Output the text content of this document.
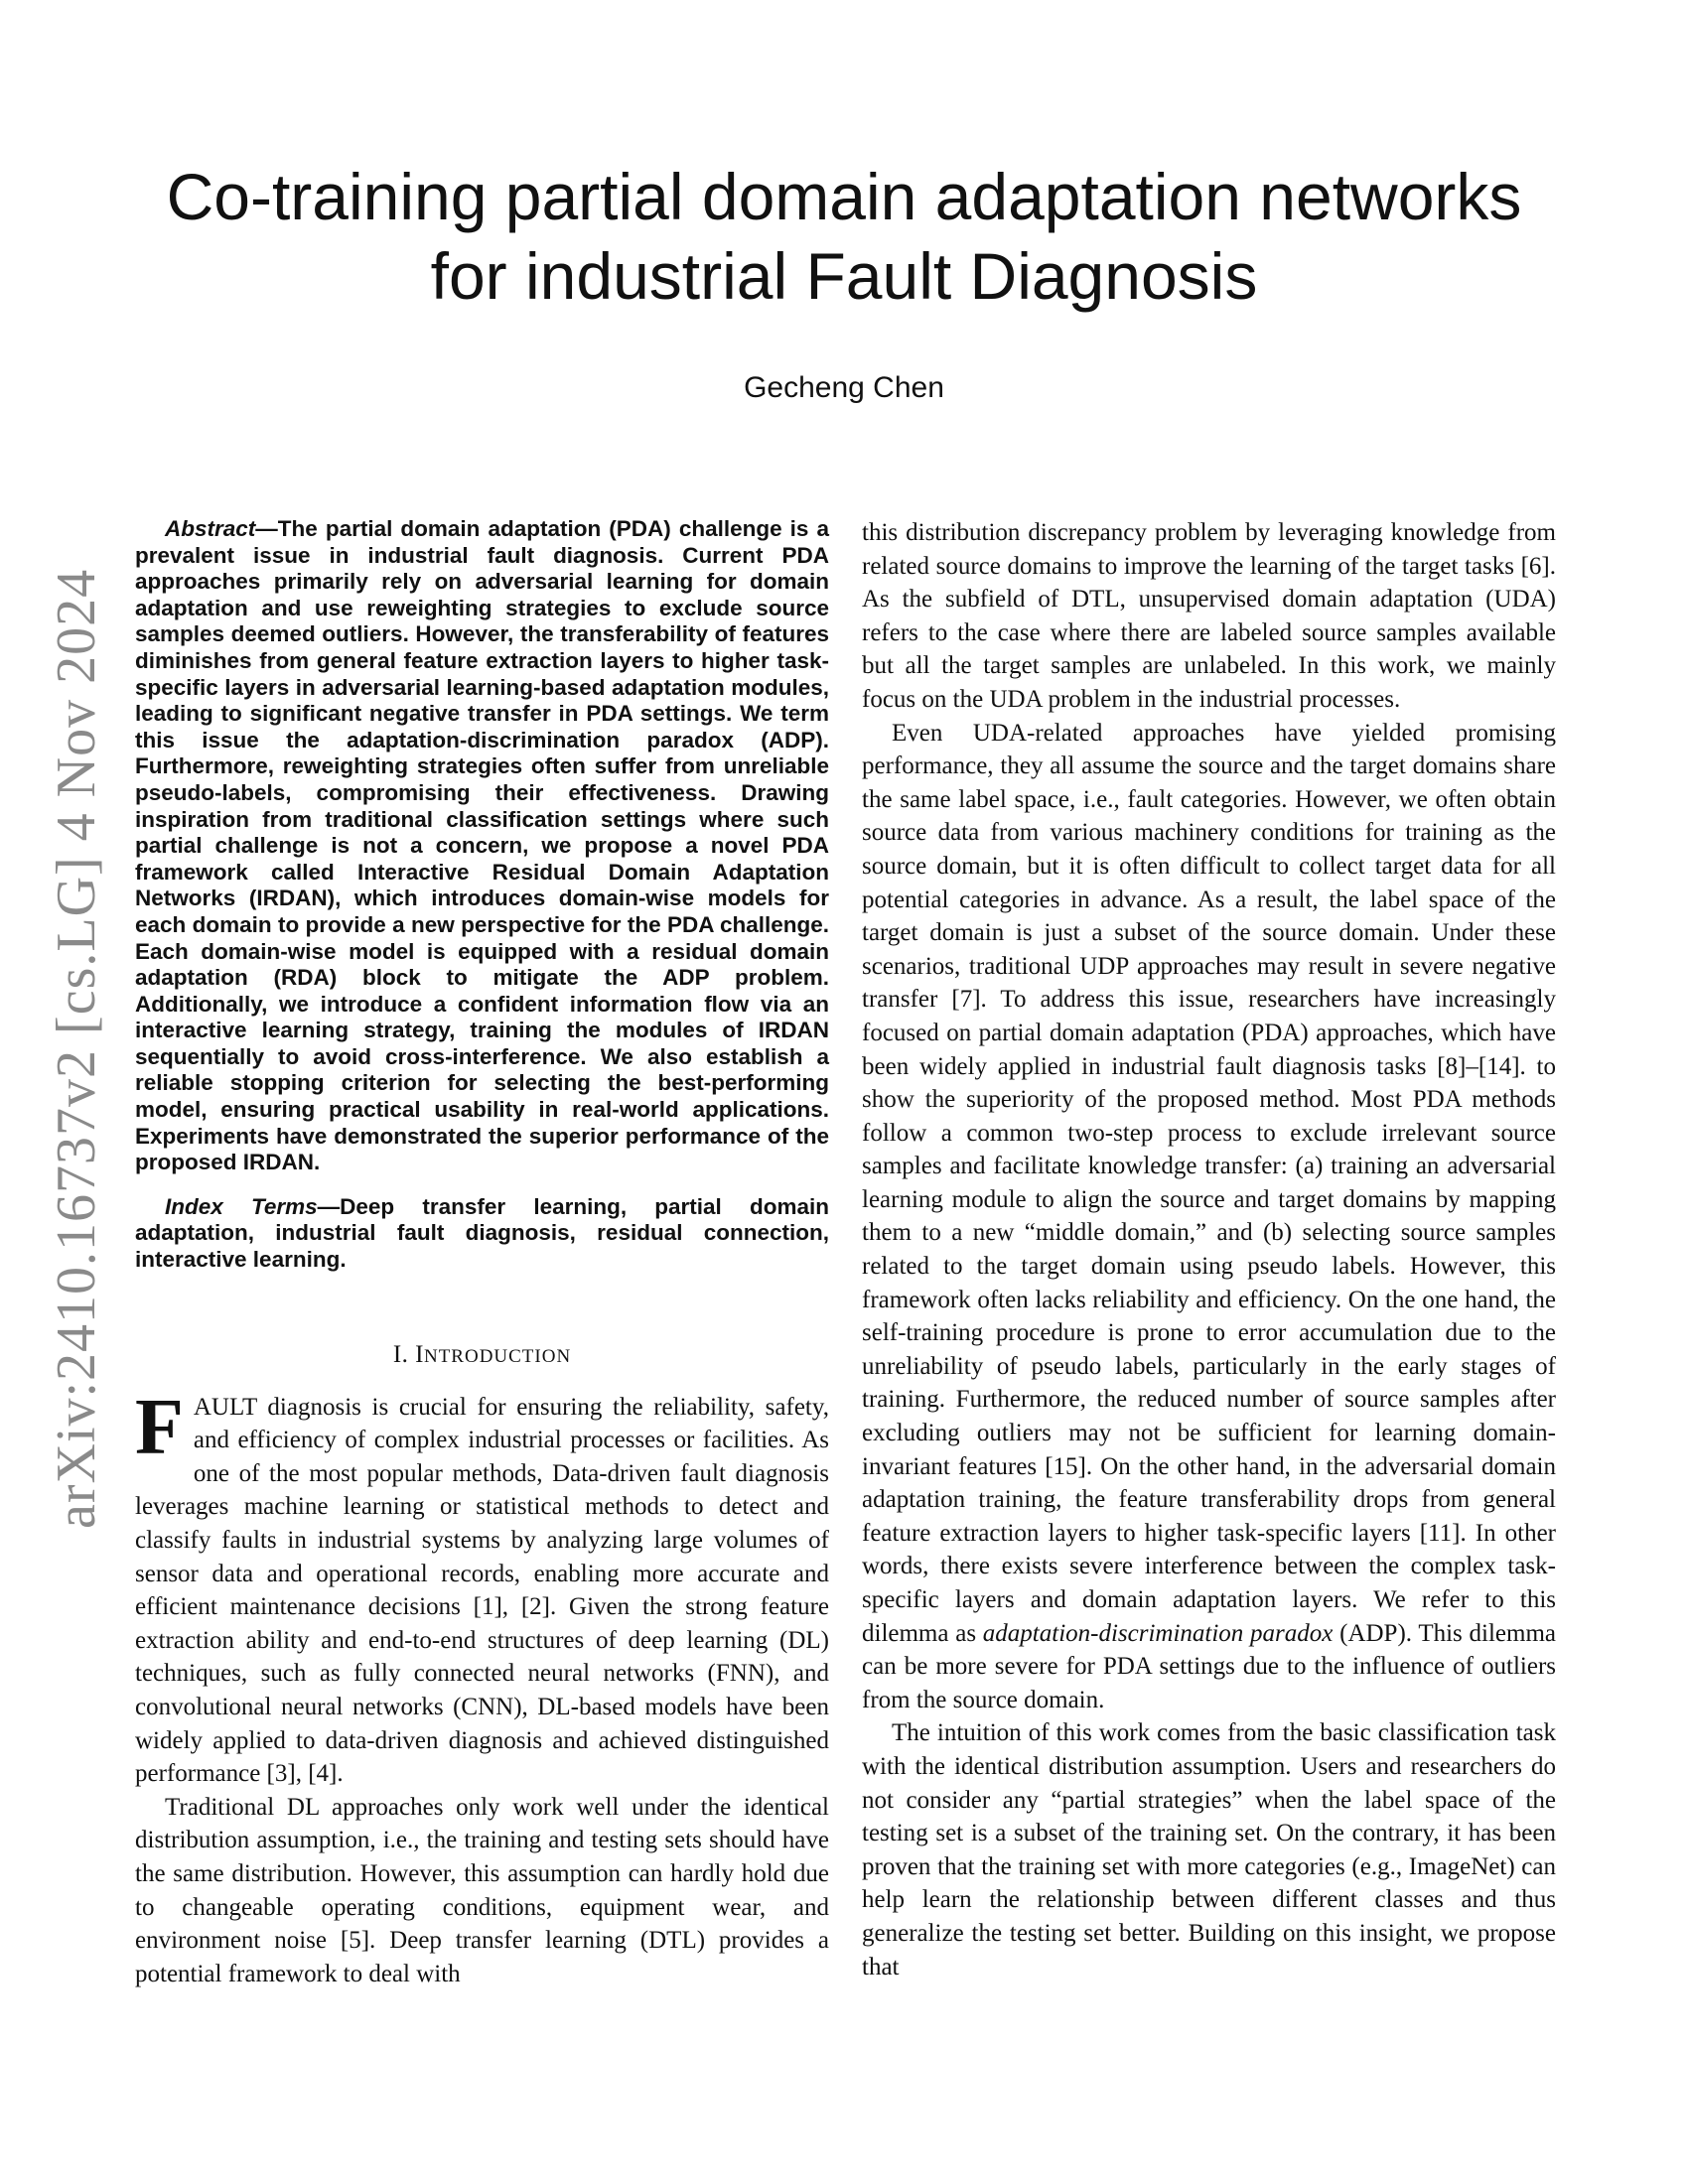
arXiv:2410.16737v2 [cs.LG] 4 Nov 2024
Co-training partial domain adaptation networks
for industrial Fault Diagnosis
Gecheng Chen

Abstract—The partial domain adaptation (PDA) challenge is a prevalent issue in industrial fault diagnosis. Current PDA approaches primarily rely on adversarial learning for domain adaptation and use reweighting strategies to exclude source samples deemed outliers. However, the transferability of features diminishes from general feature extraction layers to higher task-specific layers in adversarial learning-based adaptation modules, leading to significant negative transfer in PDA settings. We term this issue the adaptation-discrimination paradox (ADP). Furthermore, reweighting strategies often suffer from unreliable pseudo-labels, compromising their effectiveness. Drawing inspiration from traditional classification settings where such partial challenge is not a concern, we propose a novel PDA framework called Interactive Residual Domain Adaptation Networks (IRDAN), which introduces domain-wise models for each domain to provide a new perspective for the PDA challenge. Each domain-wise model is equipped with a residual domain adaptation (RDA) block to mitigate the ADP problem. Additionally, we introduce a confident information flow via an interactive learning strategy, training the modules of IRDAN sequentially to avoid cross-interference. We also establish a reliable stopping criterion for selecting the best-performing model, ensuring practical usability in real-world applications. Experiments have demonstrated the superior performance of the proposed IRDAN.

Index Terms—Deep transfer learning, partial domain adaptation, industrial fault diagnosis, residual connection, interactive learning.

I. INTRODUCTION

FAULT diagnosis is crucial for ensuring the reliability, safety, and efficiency of complex industrial processes or facilities. As one of the most popular methods, Data-driven fault diagnosis leverages machine learning or statistical methods to detect and classify faults in industrial systems by analyzing large volumes of sensor data and operational records, enabling more accurate and efficient maintenance decisions [1], [2]. Given the strong feature extraction ability and end-to-end structures of deep learning (DL) techniques, such as fully connected neural networks (FNN), and convolutional neural networks (CNN), DL-based models have been widely applied to data-driven diagnosis and achieved distinguished performance [3], [4].

Traditional DL approaches only work well under the identical distribution assumption, i.e., the training and testing sets should have the same distribution. However, this assumption can hardly hold due to changeable operating conditions, equipment wear, and environment noise [5]. Deep transfer learning (DTL) provides a potential framework to deal with

this distribution discrepancy problem by leveraging knowledge from related source domains to improve the learning of the target tasks [6]. As the subfield of DTL, unsupervised domain adaptation (UDA) refers to the case where there are labeled source samples available but all the target samples are unlabeled. In this work, we mainly focus on the UDA problem in the industrial processes.

Even UDA-related approaches have yielded promising performance, they all assume the source and the target domains share the same label space, i.e., fault categories. However, we often obtain source data from various machinery conditions for training as the source domain, but it is often difficult to collect target data for all potential categories in advance. As a result, the label space of the target domain is just a subset of the source domain. Under these scenarios, traditional UDP approaches may result in severe negative transfer [7]. To address this issue, researchers have increasingly focused on partial domain adaptation (PDA) approaches, which have been widely applied in industrial fault diagnosis tasks [8]–[14]. to show the superiority of the proposed method. Most PDA methods follow a common two-step process to exclude irrelevant source samples and facilitate knowledge transfer: (a) training an adversarial learning module to align the source and target domains by mapping them to a new “middle domain,” and (b) selecting source samples related to the target domain using pseudo labels. However, this framework often lacks reliability and efficiency. On the one hand, the self-training procedure is prone to error accumulation due to the unreliability of pseudo labels, particularly in the early stages of training. Furthermore, the reduced number of source samples after excluding outliers may not be sufficient for learning domain-invariant features [15]. On the other hand, in the adversarial domain adaptation training, the feature transferability drops from general feature extraction layers to higher task-specific layers [11]. In other words, there exists severe interference between the complex task-specific layers and domain adaptation layers. We refer to this dilemma as adaptation-discrimination paradox (ADP). This dilemma can be more severe for PDA settings due to the influence of outliers from the source domain.

The intuition of this work comes from the basic classification task with the identical distribution assumption. Users and researchers do not consider any “partial strategies” when the label space of the testing set is a subset of the training set. On the contrary, it has been proven that the training set with more categories (e.g., ImageNet) can help learn the relationship between different classes and thus generalize the testing set better. Building on this insight, we propose that
